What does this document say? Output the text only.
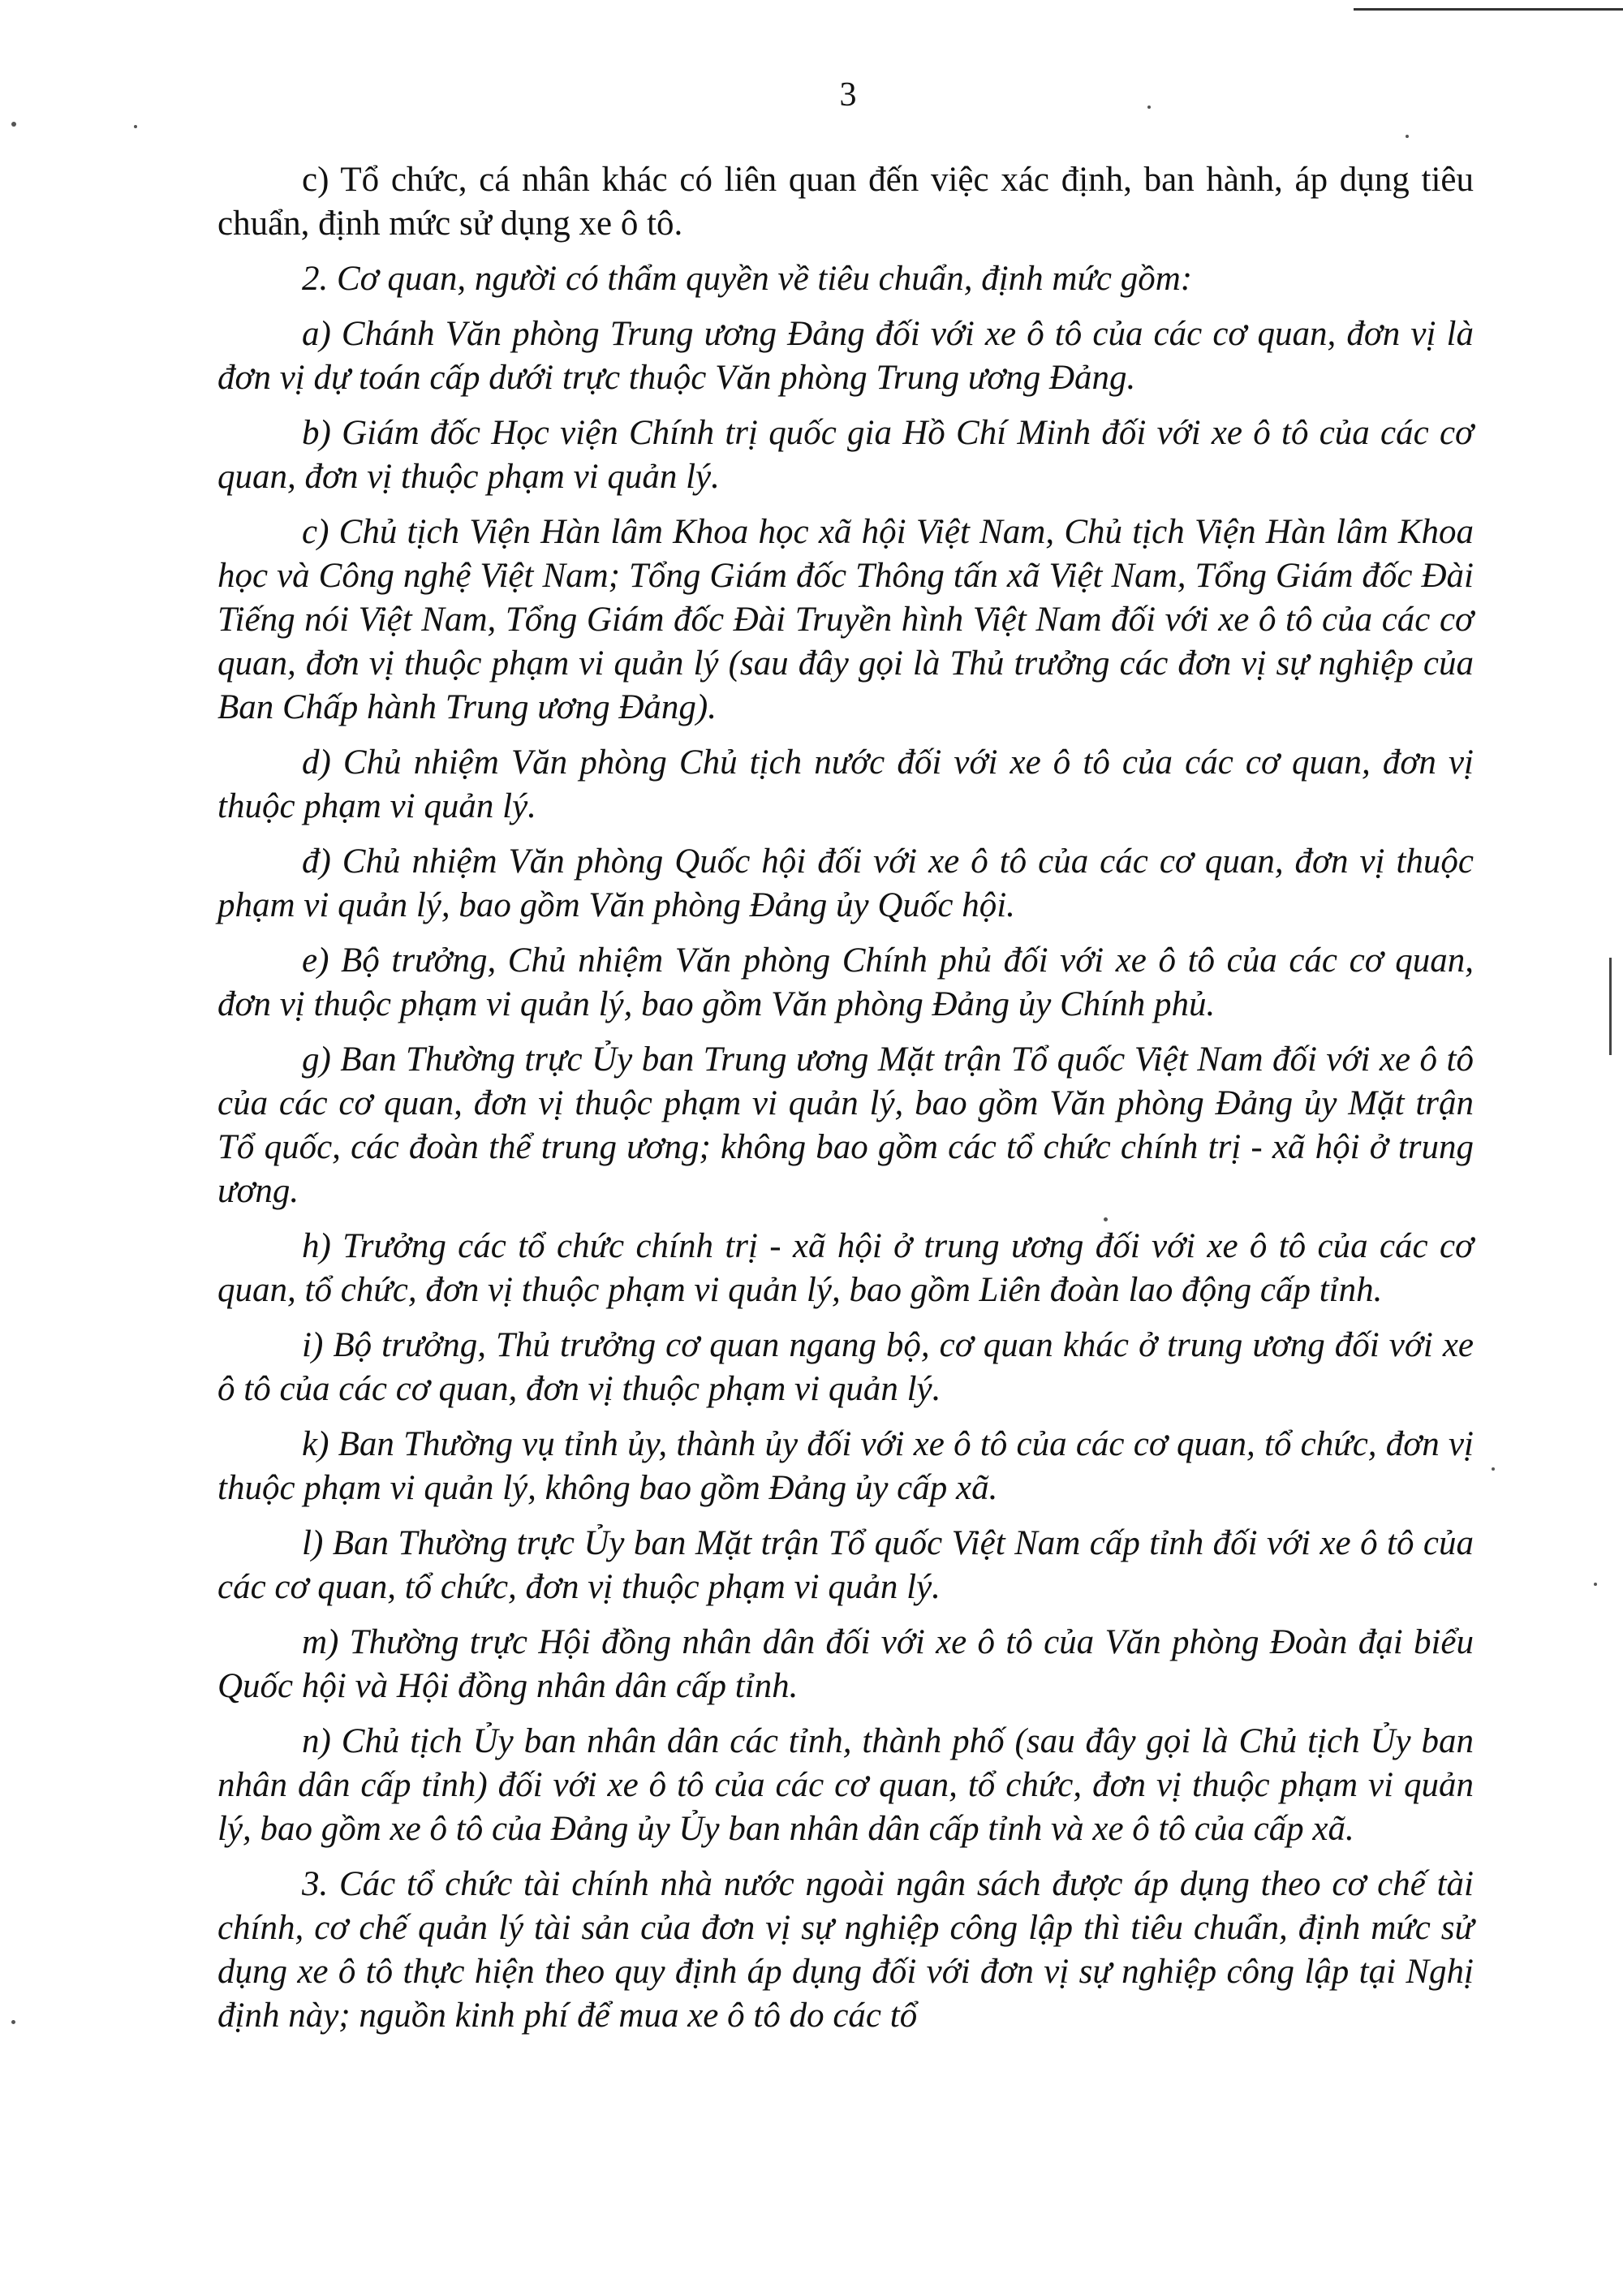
3

c) Tổ chức, cá nhân khác có liên quan đến việc xác định, ban hành, áp dụng tiêu chuẩn, định mức sử dụng xe ô tô.

2. Cơ quan, người có thẩm quyền về tiêu chuẩn, định mức gồm:

a) Chánh Văn phòng Trung ương Đảng đối với xe ô tô của các cơ quan, đơn vị là đơn vị dự toán cấp dưới trực thuộc Văn phòng Trung ương Đảng.

b) Giám đốc Học viện Chính trị quốc gia Hồ Chí Minh đối với xe ô tô của các cơ quan, đơn vị thuộc phạm vi quản lý.

c) Chủ tịch Viện Hàn lâm Khoa học xã hội Việt Nam, Chủ tịch Viện Hàn lâm Khoa học và Công nghệ Việt Nam; Tổng Giám đốc Thông tấn xã Việt Nam, Tổng Giám đốc Đài Tiếng nói Việt Nam, Tổng Giám đốc Đài Truyền hình Việt Nam đối với xe ô tô của các cơ quan, đơn vị thuộc phạm vi quản lý (sau đây gọi là Thủ trưởng các đơn vị sự nghiệp của Ban Chấp hành Trung ương Đảng).

d) Chủ nhiệm Văn phòng Chủ tịch nước đối với xe ô tô của các cơ quan, đơn vị thuộc phạm vi quản lý.

đ) Chủ nhiệm Văn phòng Quốc hội đối với xe ô tô của các cơ quan, đơn vị thuộc phạm vi quản lý, bao gồm Văn phòng Đảng ủy Quốc hội.

e) Bộ trưởng, Chủ nhiệm Văn phòng Chính phủ đối với xe ô tô của các cơ quan, đơn vị thuộc phạm vi quản lý, bao gồm Văn phòng Đảng ủy Chính phủ.

g) Ban Thường trực Ủy ban Trung ương Mặt trận Tổ quốc Việt Nam đối với xe ô tô của các cơ quan, đơn vị thuộc phạm vi quản lý, bao gồm Văn phòng Đảng ủy Mặt trận Tổ quốc, các đoàn thể trung ương; không bao gồm các tổ chức chính trị - xã hội ở trung ương.

h) Trưởng các tổ chức chính trị - xã hội ở trung ương đối với xe ô tô của các cơ quan, tổ chức, đơn vị thuộc phạm vi quản lý, bao gồm Liên đoàn lao động cấp tỉnh.

i) Bộ trưởng, Thủ trưởng cơ quan ngang bộ, cơ quan khác ở trung ương đối với xe ô tô của các cơ quan, đơn vị thuộc phạm vi quản lý.

k) Ban Thường vụ tỉnh ủy, thành ủy đối với xe ô tô của các cơ quan, tổ chức, đơn vị thuộc phạm vi quản lý, không bao gồm Đảng ủy cấp xã.

l) Ban Thường trực Ủy ban Mặt trận Tổ quốc Việt Nam cấp tỉnh đối với xe ô tô của các cơ quan, tổ chức, đơn vị thuộc phạm vi quản lý.

m) Thường trực Hội đồng nhân dân đối với xe ô tô của Văn phòng Đoàn đại biểu Quốc hội và Hội đồng nhân dân cấp tỉnh.

n) Chủ tịch Ủy ban nhân dân các tỉnh, thành phố (sau đây gọi là Chủ tịch Ủy ban nhân dân cấp tỉnh) đối với xe ô tô của các cơ quan, tổ chức, đơn vị thuộc phạm vi quản lý, bao gồm xe ô tô của Đảng ủy Ủy ban nhân dân cấp tỉnh và xe ô tô của cấp xã.

3. Các tổ chức tài chính nhà nước ngoài ngân sách được áp dụng theo cơ chế tài chính, cơ chế quản lý tài sản của đơn vị sự nghiệp công lập thì tiêu chuẩn, định mức sử dụng xe ô tô thực hiện theo quy định áp dụng đối với đơn vị sự nghiệp công lập tại Nghị định này; nguồn kinh phí để mua xe ô tô do các tổ
